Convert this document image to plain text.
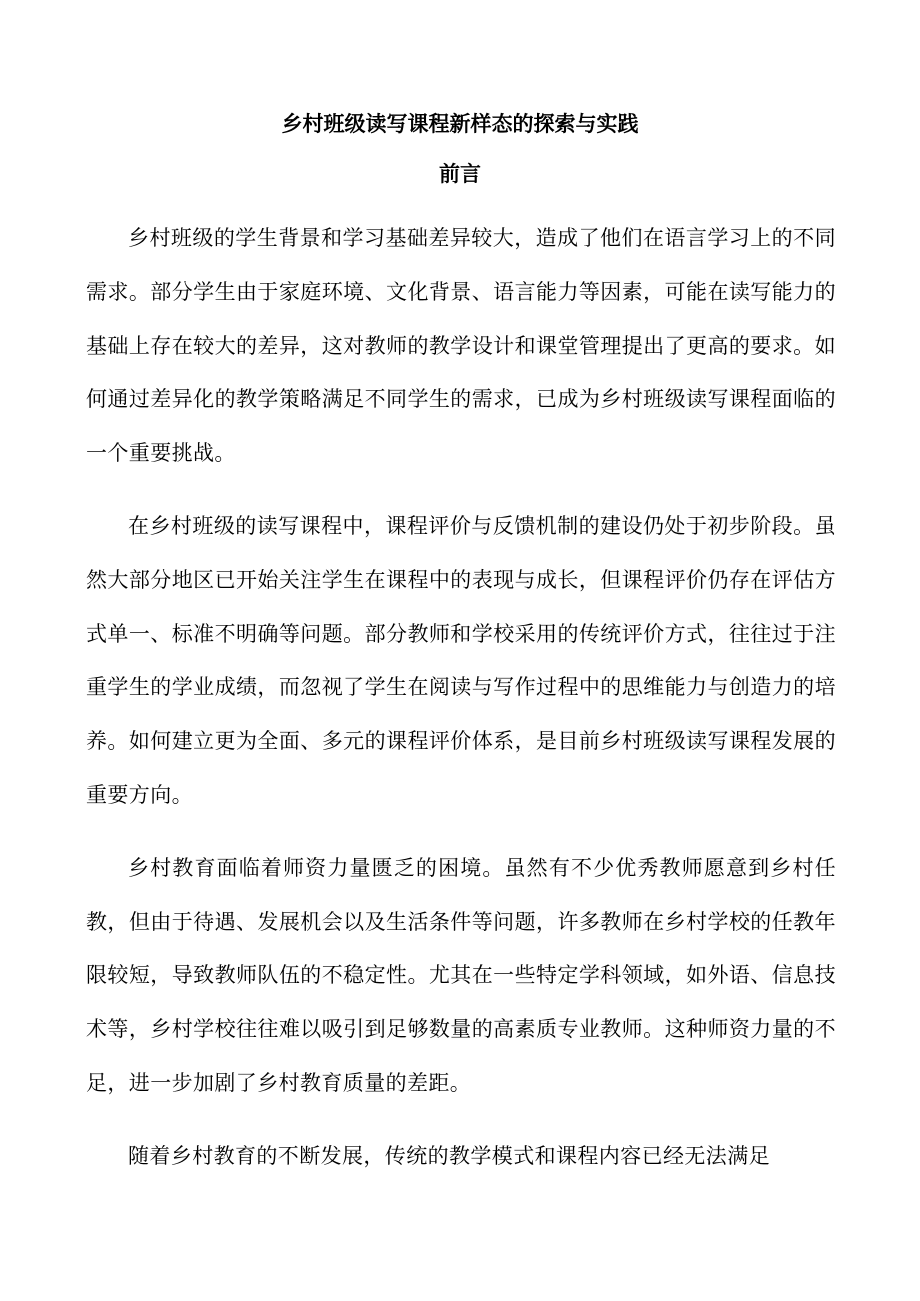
乡村班级读写课程新样态的探索与实践
前言

乡村班级的学生背景和学习基础差异较大，造成了他们在语言学习上的不同需求。部分学生由于家庭环境、文化背景、语言能力等因素，可能在读写能力的基础上存在较大的差异，这对教师的教学设计和课堂管理提出了更高的要求。如何通过差异化的教学策略满足不同学生的需求，已成为乡村班级读写课程面临的一个重要挑战。

在乡村班级的读写课程中，课程评价与反馈机制的建设仍处于初步阶段。虽然大部分地区已开始关注学生在课程中的表现与成长，但课程评价仍存在评估方式单一、标准不明确等问题。部分教师和学校采用的传统评价方式，往往过于注重学生的学业成绩，而忽视了学生在阅读与写作过程中的思维能力与创造力的培养。如何建立更为全面、多元的课程评价体系，是目前乡村班级读写课程发展的重要方向。

乡村教育面临着师资力量匮乏的困境。虽然有不少优秀教师愿意到乡村任教，但由于待遇、发展机会以及生活条件等问题，许多教师在乡村学校的任教年限较短，导致教师队伍的不稳定性。尤其在一些特定学科领域，如外语、信息技术等，乡村学校往往难以吸引到足够数量的高素质专业教师。这种师资力量的不足，进一步加剧了乡村教育质量的差距。

随着乡村教育的不断发展，传统的教学模式和课程内容已经无法满足
